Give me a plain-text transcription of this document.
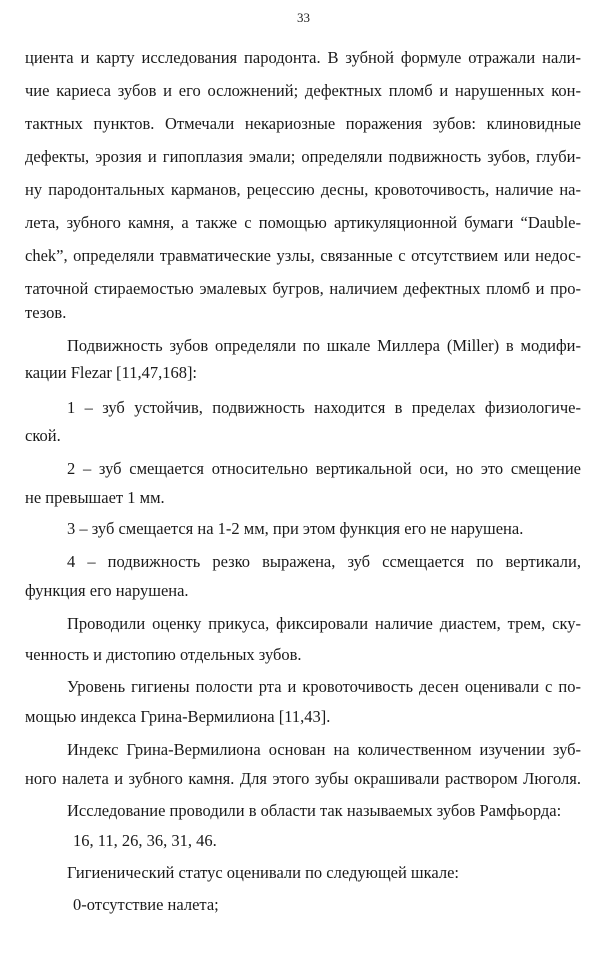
33
циента и карту исследования пародонта. В зубной формуле отражали нали-
чие кариеса зубов и его осложнений; дефектных пломб и нарушенных кон-
тактных пунктов. Отмечали некариозные поражения зубов: клиновидные
дефекты, эрозия и гипоплазия эмали; определяли подвижность зубов, глуби-
ну пародонтальных карманов, рецессию десны, кровоточивость, наличие на-
лета, зубного камня, а также с помощью артикуляционной бумаги “Dauble-
chek”, определяли травматические узлы, связанные с отсутствием или недос-
таточной стираемостью эмалевых бугров, наличием дефектных пломб и про-
тезов.
Подвижность зубов определяли по шкале Миллера (Miller) в модифи-
кации Flezar [11,47,168]:
1 – зуб устойчив, подвижность находится в пределах физиологиче-
ской.
2 – зуб смещается относительно вертикальной оси, но это смещение
не превышает 1 мм.
3 – зуб смещается на 1-2 мм, при этом функция его не нарушена.
4 – подвижность резко выражена, зуб ссмещается по вертикали,
функция его нарушена.
Проводили оценку прикуса, фиксировали наличие диастем, трем, ску-
ченность и дистопию отдельных зубов.
Уровень гигиены полости рта и кровоточивость десен оценивали с по-
мощью индекса Грина-Вермилиона [11,43].
Индекс Грина-Вермилиона основан на количественном изучении зуб-
ного налета и зубного камня. Для этого зубы окрашивали раствором Люголя.
Исследование проводили в области так называемых зубов Рамфьорда:
16, 11, 26, 36, 31, 46.
Гигиенический статус оценивали по следующей шкале:
0-отсутствие налета;
